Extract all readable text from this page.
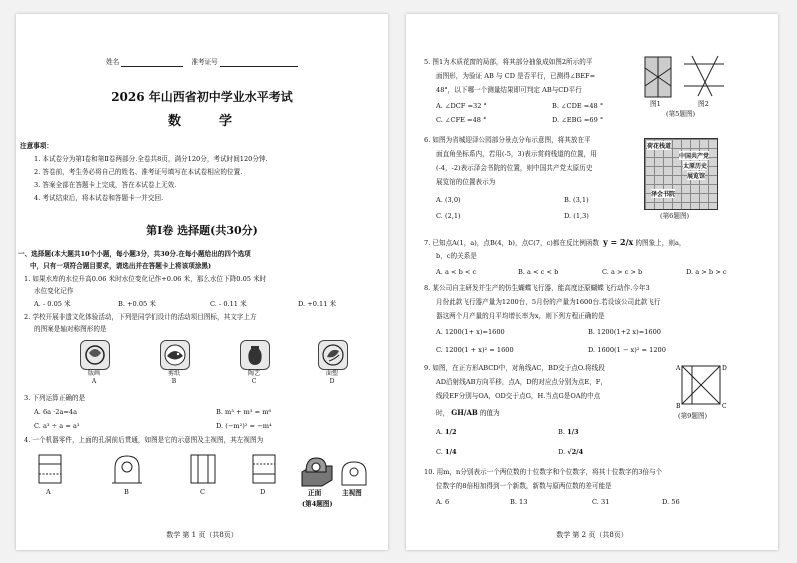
姓名	准考证号
2026 年山西省初中学业水平考试
数    学
注意事项：
1. 本试卷分为第Ⅰ卷和第Ⅱ卷两部分.全卷共8页，满分120分，考试时间120分钟.
2. 答卷前，考生务必将自己的姓名、准考证号填写在本试卷相应的位置.
3. 答案全部在答题卡上完成，答在本试卷上无效.
4. 考试结束后，将本试卷和答题卡一并交回.
第Ⅰ卷 选择题(共30分)
一、选择题(本大题共10个小题，每小题3分，共30分.在每小题给出的四个选项
中，只有一项符合题目要求，请选出并在答题卡上将该项涂黑)
1. 如果水库的水位升高0.06 米时水位变化记作+0.06 米，那么水位下降0.05 米时
水位变化记作
A. - 0.05 米	B. +0.05 米	C. - 0.11 米	D. +0.11 米
2. 学校开展非遗文化体验活动，下列是同学们设计的活动项目图标，其文字上方
的图案是轴对称图形的是
版画	剪纸	陶艺	面塑
A	B	C	D
3. 下列运算正确的是
A. 6a ·2a=4a	B. m³ + m³ = m⁶
C. a³ ÷ a = a³	D. (−m²)² = −m⁴
4. 一个机器零件，上面的孔洞前后贯通，如图是它的示意图及主视图，其左视图为
A	B	C	D	正面	主视图
(第4题图)
数学 第 1 页（共8页）
5. 图1为木质花窗的局部，将其部分抽象成如图2所示的平
面图形，为验证 AB 与 CD 是否平行，已测得∠BEF=
48°，以下哪一个测量结果即可判定 AB与CD平行
A. ∠DCF =32 °	B. ∠CDE =48 °
C. ∠CFE =48 °	D. ∠EBG =69 °
图1	图2
(第5题图)
6. 如图为省城迎泽公园部分景点分布示意图，将其放在平
面直角坐标系内，若用(-5，3)表示赏荷栈道的位置，用
(-4，-2)表示泽会书院的位置，则中国共产党太原历史
展览馆的位置表示为
A. (3,0)	B. (3,1)
C. (2,1)	D. (1,3)
荷花栈道
中国共产党
太原历史
展览馆
泽会书院
(第6题图)
7. 已知点A(1，a)，点B(4，b)，点C(7，c)都在反比例函数 y = 2/x 的图象上，则a，
b，c的关系是
A. a < b < c	B. a < c < b	C. a > c > b	D. a > b > c
8. 某公司自主研发并生产的仿生蝴蝶飞行器，能高度还原蝴蝶飞行动作.今年3
月份此款飞行器产量为1200台，5月份的产量为1600台.若设该公司此款飞行
器这两个月产量的月平均增长率为x，则下列方程正确的是
A. 1200(1+ x)=1600	B. 1200(1+2 x)=1600
C. 1200(1 + x)² = 1600	D. 1600(1 − x)² = 1200
9. 如图，在正方形ABCD中，对角线AC，BD交于点O.将线段
AD沿射线AB方向平移，点A，D的对应点分别为点E，F，
线段EF分别与OA，OD交于点G，H.当点G是OA的中点
时， GH/AB 的值为
A. 1/2	B. 1/3
C. 1/4	D. √2/4
A	D
B	C
(第9题图)
10. 用m，n分别表示一个两位数的十位数字和个位数字，将其十位数字的3倍与个
位数字的8倍相加得到一个新数，新数与原两位数的差可能是
A. 6	B. 13	C. 31	D. 56
数学 第 2 页（共8页）
